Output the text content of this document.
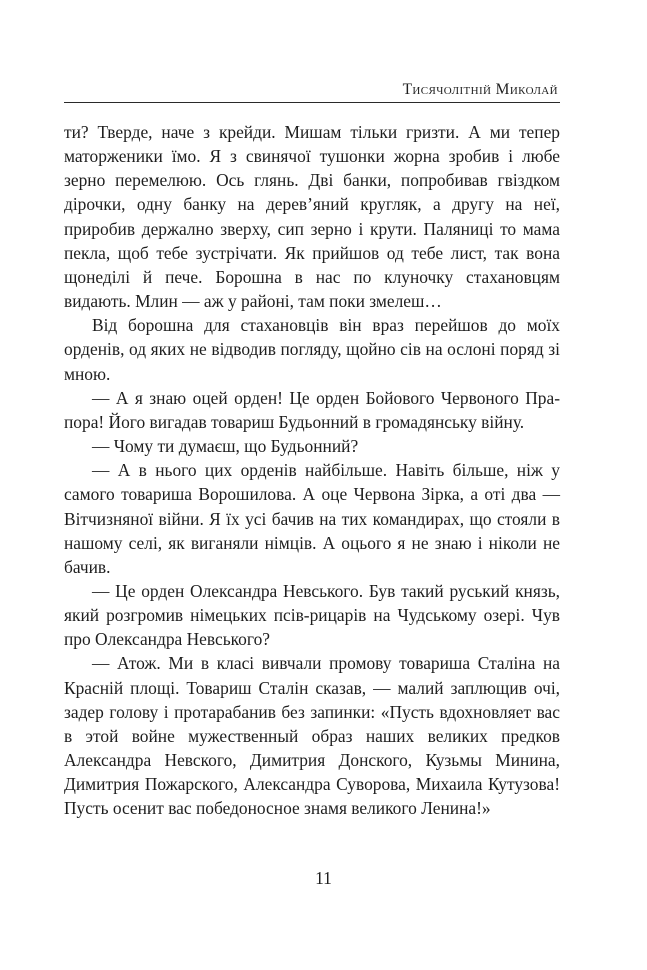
Тисячолітній Миколай

ти? Тверде, наче з крейди. Мишам тільки гризти. А ми тепер маторженики їмо. Я з свинячої тушонки жорна зробив і любе зерно перемелюю. Ось глянь. Дві банки, попробивав гвіздком дірочки, одну банку на дерев’яний кругляк, а другу на неї, приробив держално зверху, сип зерно і крути. Паляниці то мама пекла, щоб тебе зустрічати. Як прийшов од тебе лист, так вона щонеділі й пече. Борошна в нас по клуночку стахановцям видають. Млин — аж у районі, там поки змелеш…

Від борошна для стахановців він враз перейшов до моїх орденів, од яких не відводив погляду, щойно сів на ослоні поряд зі мною.

— А я знаю оцей орден! Це орден Бойового Червоного Прапора! Його вигадав товариш Будьонний в громадянську війну.

— Чому ти думаєш, що Будьонний?

— А в нього цих орденів найбільше. Навіть більше, ніж у самого товариша Ворошилова. А оце Червона Зірка, а оті два — Вітчизняної війни. Я їх усі бачив на тих командирах, що стояли в нашому селі, як виганяли німців. А оцього я не знаю і ніколи не бачив.

— Це орден Олександра Невського. Був такий руський князь, який розгромив німецьких псів-рицарів на Чудському озері. Чув про Олександра Невського?

— Атож. Ми в класі вивчали промову товариша Сталіна на Красній площі. Товариш Сталін сказав, — малий заплющив очі, задер голову і протарабанив без запинки: «Пусть вдохновляет вас в этой войне мужественный образ наших великих предков Александра Невского, Димитрия Донского, Кузьмы Минина, Димитрия Пожарского, Александра Суворова, Михаила Кутузова! Пусть осенит вас победоносное знамя великого Ленина!»

11
